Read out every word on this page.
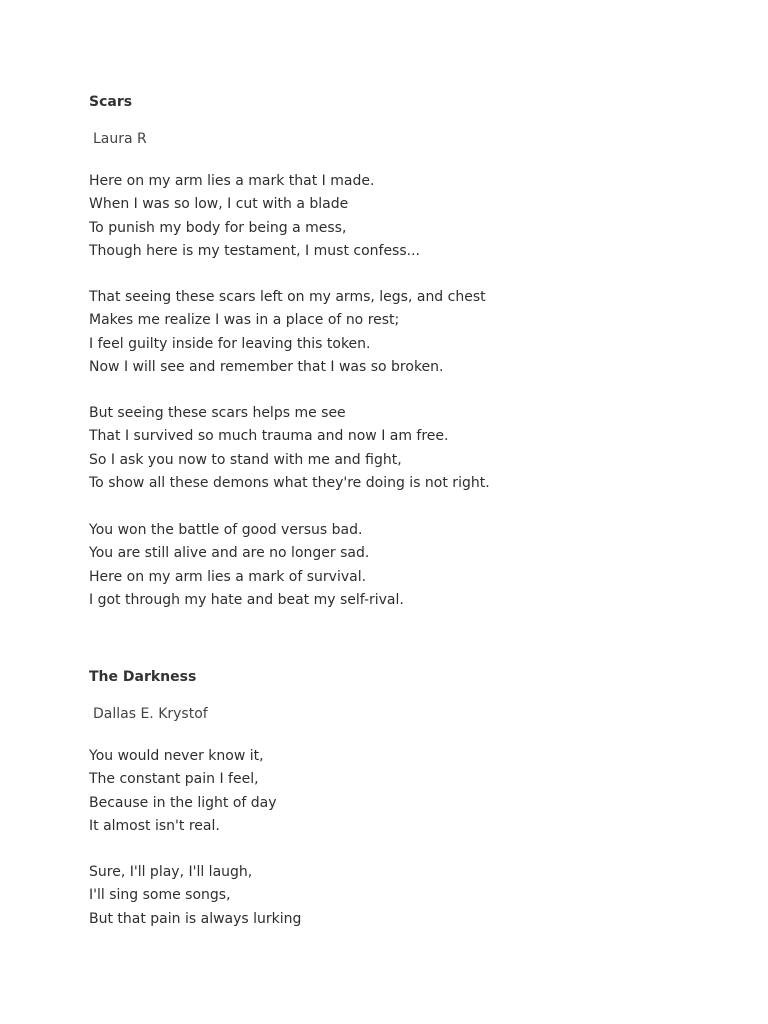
Scars
Laura R
Here on my arm lies a mark that I made.
When I was so low, I cut with a blade
To punish my body for being a mess,
Though here is my testament, I must confess...
That seeing these scars left on my arms, legs, and chest
Makes me realize I was in a place of no rest;
I feel guilty inside for leaving this token.
Now I will see and remember that I was so broken.
But seeing these scars helps me see
That I survived so much trauma and now I am free.
So I ask you now to stand with me and fight,
To show all these demons what they're doing is not right.
You won the battle of good versus bad.
You are still alive and are no longer sad.
Here on my arm lies a mark of survival.
I got through my hate and beat my self-rival.
The Darkness
Dallas E. Krystof
You would never know it,
The constant pain I feel,
Because in the light of day
It almost isn't real.
Sure, I'll play, I'll laugh,
I'll sing some songs,
But that pain is always lurking
